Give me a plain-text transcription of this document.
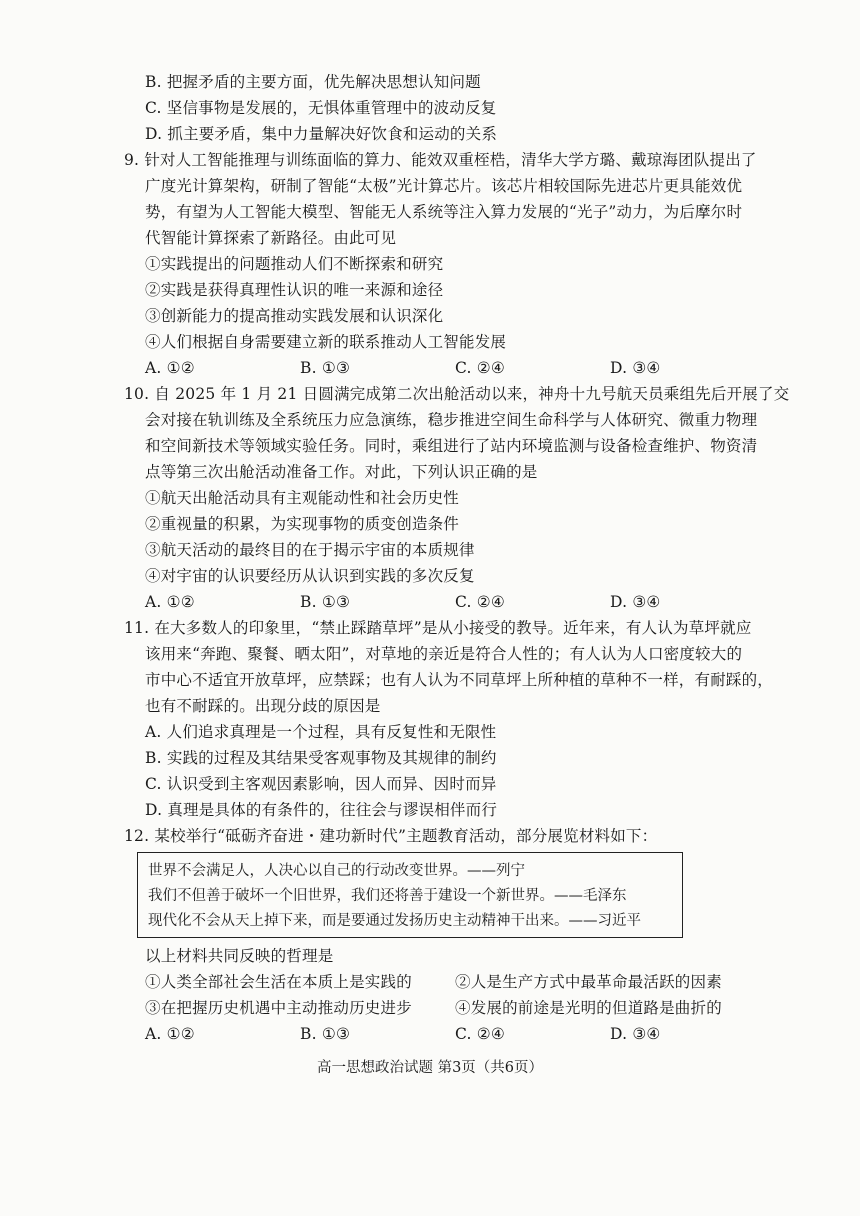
B. 把握矛盾的主要方面，优先解决思想认知问题
C. 坚信事物是发展的，无惧体重管理中的波动反复
D. 抓主要矛盾，集中力量解决好饮食和运动的关系
9. 针对人工智能推理与训练面临的算力、能效双重桎梏，清华大学方璐、戴琼海团队提出了
广度光计算架构，研制了智能“太极”光计算芯片。该芯片相较国际先进芯片更具能效优
势，有望为人工智能大模型、智能无人系统等注入算力发展的“光子”动力，为后摩尔时
代智能计算探索了新路径。由此可见
①实践提出的问题推动人们不断探索和研究
②实践是获得真理性认识的唯一来源和途径
③创新能力的提高推动实践发展和认识深化
④人们根据自身需要建立新的联系推动人工智能发展
A. ①②	B. ①③	C. ②④	D. ③④
10. 自 2025 年 1 月 21 日圆满完成第二次出舱活动以来，神舟十九号航天员乘组先后开展了交
会对接在轨训练及全系统压力应急演练，稳步推进空间生命科学与人体研究、微重力物理
和空间新技术等领域实验任务。同时，乘组进行了站内环境监测与设备检查维护、物资清
点等第三次出舱活动准备工作。对此，下列认识正确的是
①航天出舱活动具有主观能动性和社会历史性
②重视量的积累，为实现事物的质变创造条件
③航天活动的最终目的在于揭示宇宙的本质规律
④对宇宙的认识要经历从认识到实践的多次反复
A. ①②	B. ①③	C. ②④	D. ③④
11. 在大多数人的印象里，“禁止踩踏草坪”是从小接受的教导。近年来，有人认为草坪就应
该用来“奔跑、聚餐、晒太阳”，对草地的亲近是符合人性的；有人认为人口密度较大的
市中心不适宜开放草坪，应禁踩；也有人认为不同草坪上所种植的草种不一样，有耐踩的，
也有不耐踩的。出现分歧的原因是
A. 人们追求真理是一个过程，具有反复性和无限性
B. 实践的过程及其结果受客观事物及其规律的制约
C. 认识受到主客观因素影响，因人而异、因时而异
D. 真理是具体的有条件的，往往会与谬误相伴而行
12. 某校举行“砥砺齐奋进・建功新时代”主题教育活动，部分展览材料如下：
世界不会满足人，人决心以自己的行动改变世界。——列宁
我们不但善于破坏一个旧世界，我们还将善于建设一个新世界。——毛泽东
现代化不会从天上掉下来，而是要通过发扬历史主动精神干出来。——习近平
以上材料共同反映的哲理是
①人类全部社会生活在本质上是实践的	②人是生产方式中最革命最活跃的因素
③在把握历史机遇中主动推动历史进步	④发展的前途是光明的但道路是曲折的
A. ①②	B. ①③	C. ②④	D. ③④
高一思想政治试题 第3页（共6页）
